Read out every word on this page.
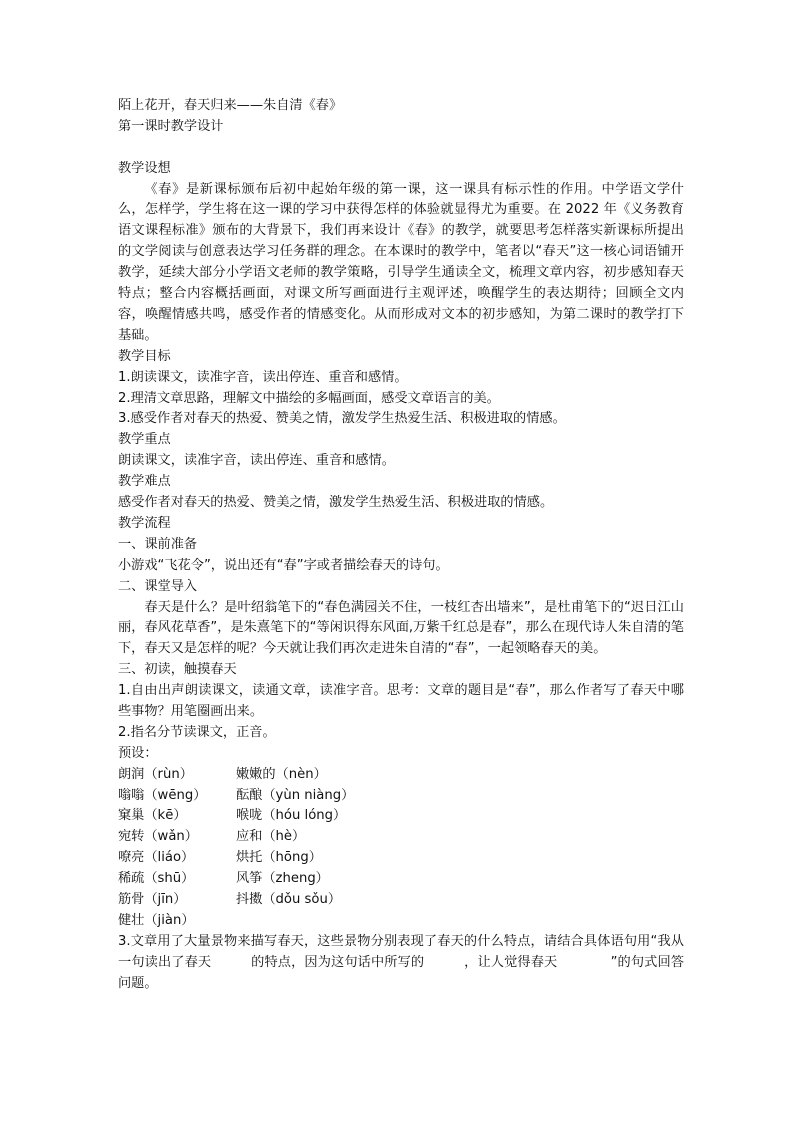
陌上花开，春天归来——朱自清《春》
第一课时教学设计
教学设想
《春》是新课标颁布后初中起始年级的第一课，这一课具有标示性的作用。中学语文学什么，怎样学，学生将在这一课的学习中获得怎样的体验就显得尤为重要。在 2022 年《义务教育语文课程标准》颁布的大背景下，我们再来设计《春》的教学，就要思考怎样落实新课标所提出的文学阅读与创意表达学习任务群的理念。在本课时的教学中，笔者以“春天”这一核心词语铺开教学，延续大部分小学语文老师的教学策略，引导学生通读全文，梳理文章内容，初步感知春天特点；整合内容概括画面，对课文所写画面进行主观评述，唤醒学生的表达期待；回顾全文内容，唤醒情感共鸣，感受作者的情感变化。从而形成对文本的初步感知，为第二课时的教学打下基础。
教学目标
1.朗读课文，读准字音，读出停连、重音和感情。
2.理清文章思路，理解文中描绘的多幅画面，感受文章语言的美。
3.感受作者对春天的热爱、赞美之情，激发学生热爱生活、积极进取的情感。
教学重点
朗读课文，读准字音，读出停连、重音和感情。
教学难点
感受作者对春天的热爱、赞美之情，激发学生热爱生活、积极进取的情感。
教学流程
一、课前准备
小游戏“飞花令”，说出还有“春”字或者描绘春天的诗句。
二、课堂导入
春天是什么？是叶绍翁笔下的“春色满园关不住，一枝红杏出墙来”，是杜甫笔下的“迟日江山丽，春风花草香”，是朱熹笔下的“等闲识得东风面,万紫千红总是春”，那么在现代诗人朱自清的笔下，春天又是怎样的呢？今天就让我们再次走进朱自清的“春”，一起领略春天的美。
三、初读，触摸春天
1.自由出声朗读课文，读通文章，读准字音。思考：文章的题目是“春”，那么作者写了春天中哪些事物？用笔圈画出来。
2.指名分节读课文，正音。
预设：
朗润（rùn）	嫩嫩的（nèn）
嗡嗡（wēng）	酝酿（yùn niàng）
窠巢（kē）	喉咙（hóu lóng）
宛转（wǎn）	应和（hè）
嘹亮（liáo）	烘托（hōng）
稀疏（shū）	风筝（zheng）
筋骨（jīn）	抖擞（dǒu sǒu）
健壮（jiàn）
3.文章用了大量景物来描写春天，这些景物分别表现了春天的什么特点，请结合具体语句用“我从　　　一句读出了春天　　　的特点，因为这句话中所写的　　　，让人觉得春天　　　　”的句式回答问题。
